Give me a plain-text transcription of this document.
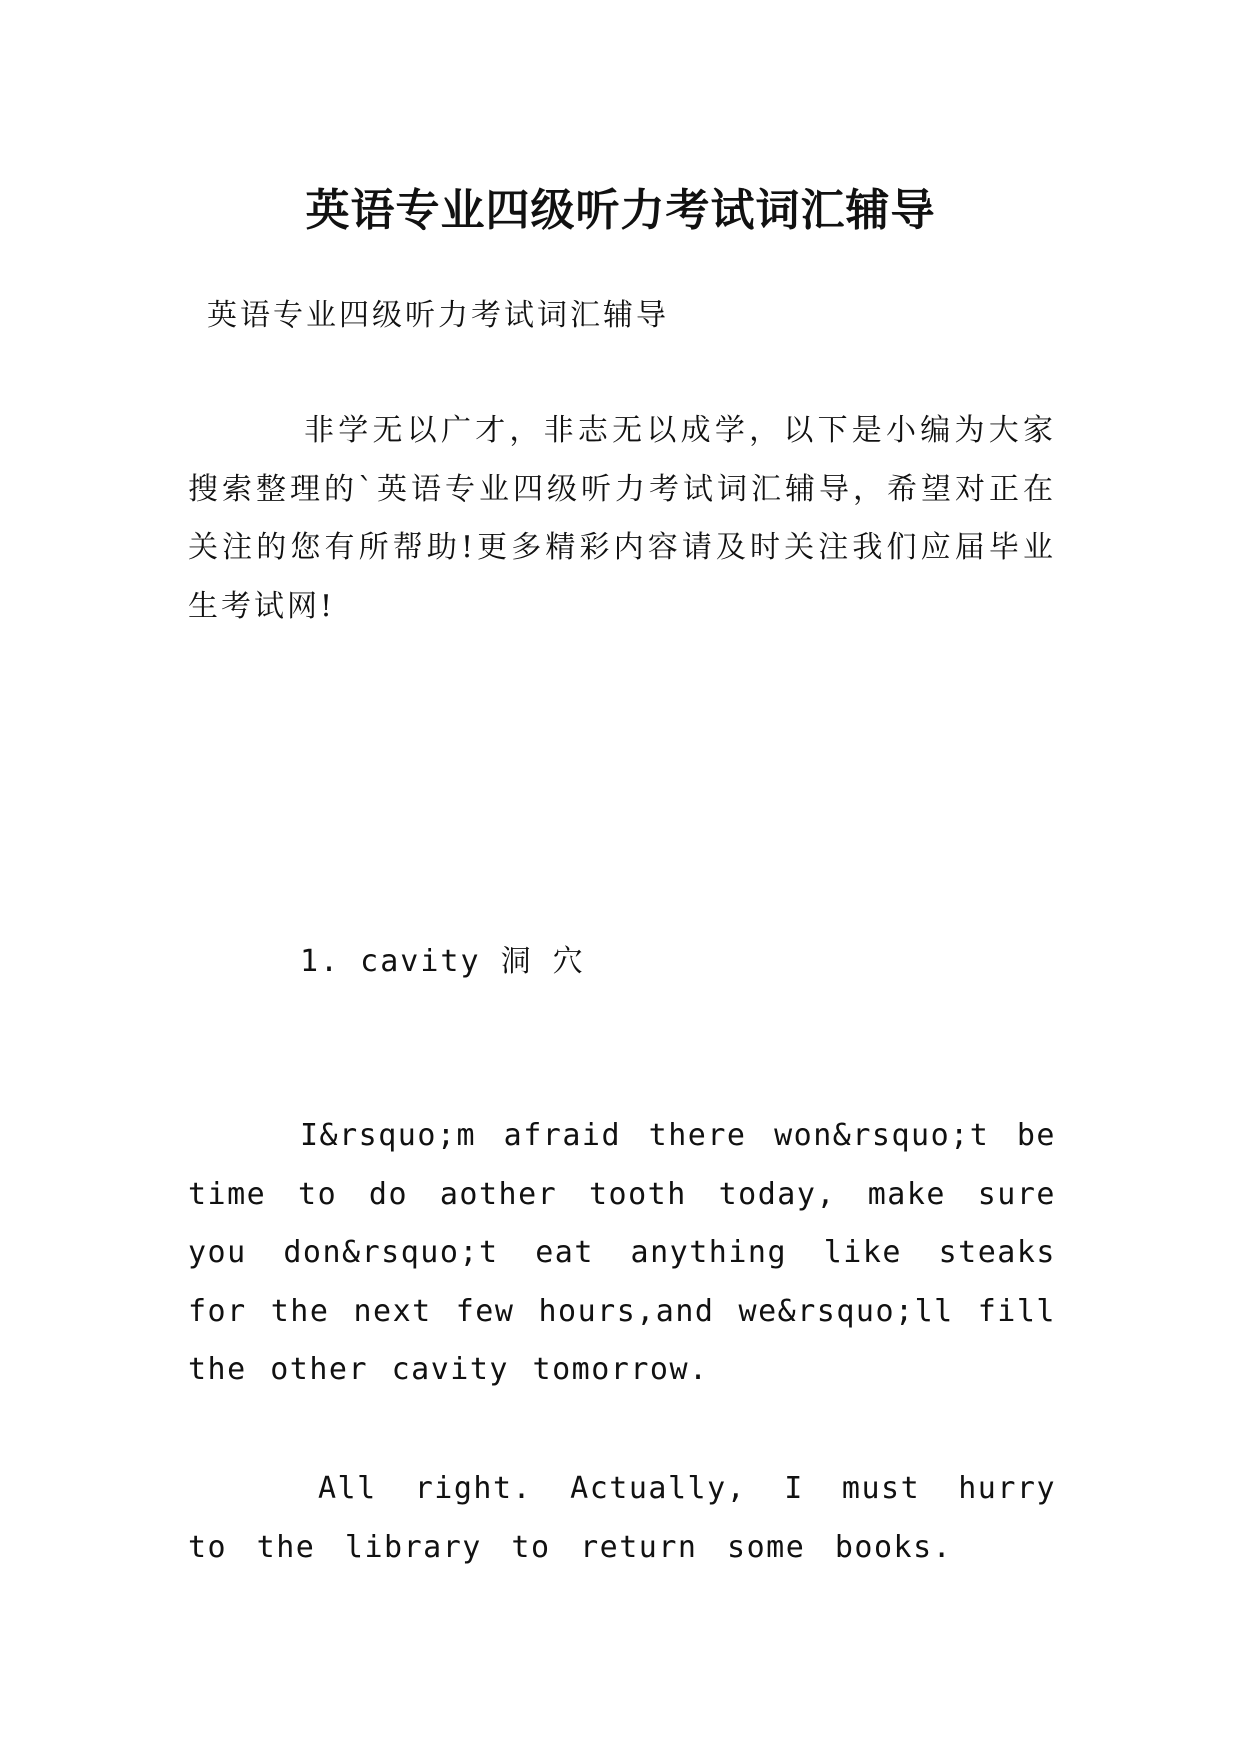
英语专业四级听力考试词汇辅导
英语专业四级听力考试词汇辅导

非学无以广才，非志无以成学，以下是小编为大家搜索整理的`英语专业四级听力考试词汇辅导，希望对正在关注的您有所帮助!更多精彩内容请及时关注我们应届毕业生考试网!

1. cavity 洞 穴

I&rsquo;m afraid there won&rsquo;t be time to do aother tooth today, make sure you don&rsquo;t eat anything like steaks for the next few hours,and we&rsquo;ll fill the other cavity tomorrow.

All right. Actually, I must hurry to the library to return some books.
